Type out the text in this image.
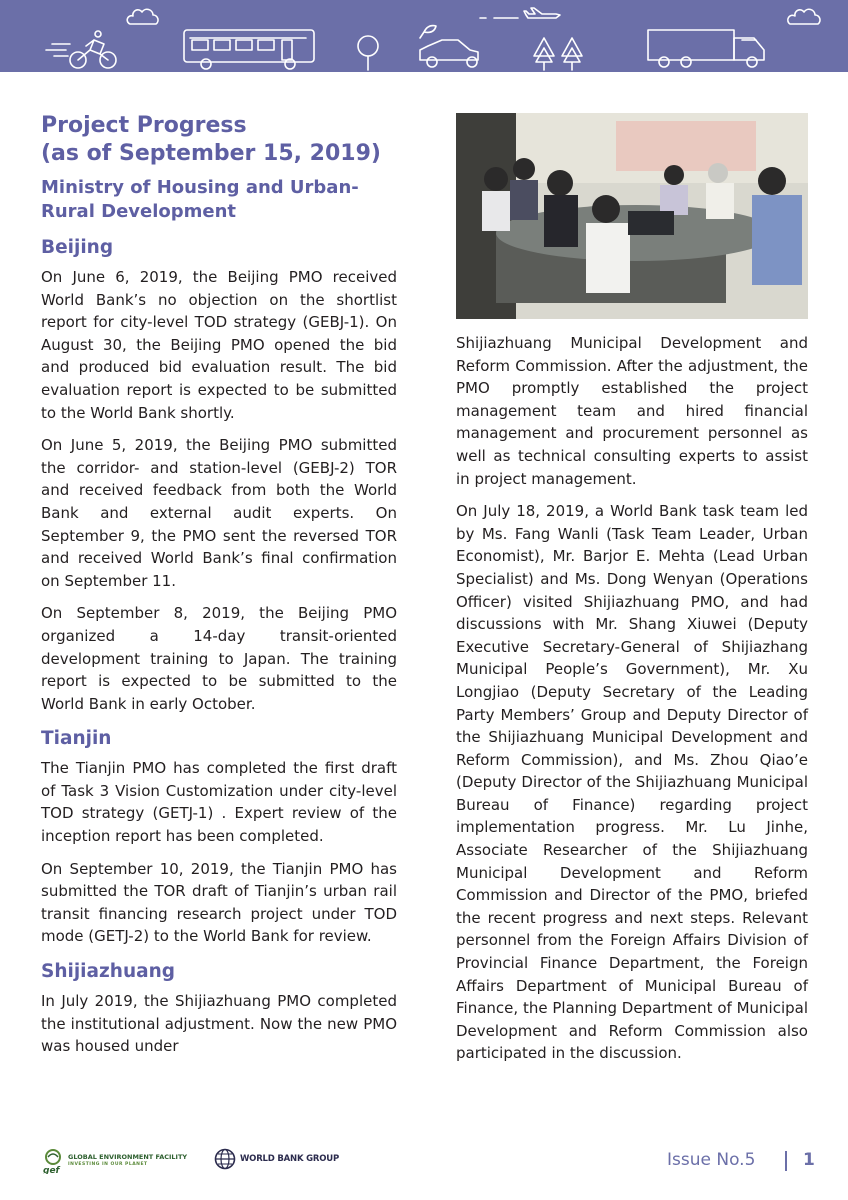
Project Progress
(as of September 15, 2019)
Ministry of Housing and Urban-
Rural Development
Beijing

On June 6, 2019, the Beijing PMO received World Bank’s no objection on the shortlist report for city-level TOD strategy (GEBJ-1). On August 30, the Beijing PMO opened the bid and produced bid evaluation result. The bid evaluation report is expected to be submitted to the World Bank shortly.

On June 5, 2019, the Beijing PMO submitted the corridor- and station-level (GEBJ-2) TOR and received feedback from both the World Bank and external audit experts. On September 9, the PMO sent the reversed TOR and received World Bank’s final confirmation on September 11.

On September 8, 2019, the Beijing PMO organized a 14-day transit-oriented development training to Japan. The training report is expected to be submitted to the World Bank in early October.

Tianjin

The Tianjin PMO has completed the first draft of Task 3 Vision Customization under city-level TOD strategy (GETJ-1) . Expert review of the inception report has been completed.

On September 10, 2019, the Tianjin PMO has submitted the TOR draft of Tianjin’s urban rail transit financing research project under TOD mode (GETJ-2) to the World Bank for review.

Shijiazhuang

In July 2019, the Shijiazhuang PMO completed the institutional adjustment. Now the new PMO was housed under

Shijiazhuang Municipal Development and Reform Commission. After the adjustment, the PMO promptly established the project management team and hired financial management and procurement personnel as well as technical consulting experts to assist in project management.

On July 18, 2019, a World Bank task team led by Ms. Fang Wanli (Task Team Leader, Urban Economist), Mr. Barjor E. Mehta (Lead Urban Specialist) and Ms. Dong Wenyan (Operations Officer) visited Shijiazhuang PMO, and had discussions with Mr. Shang Xiuwei (Deputy Executive Secretary-General of Shijiazhang Municipal People’s Government), Mr. Xu Longjiao (Deputy Secretary of the Leading Party Members’ Group and Deputy Director of the Shijiazhuang Municipal Development and Reform Commission), and Ms. Zhou Qiao’e (Deputy Director of the Shijiazhuang Municipal Bureau of Finance) regarding project implementation progress. Mr. Lu Jinhe, Associate Researcher of the Shijiazhuang Municipal Development and Reform Commission and Director of the PMO, briefed the recent progress and next steps. Relevant personnel from the Foreign Affairs Division of Provincial Finance Department, the Foreign Affairs Department of Municipal Bureau of Finance, the Planning Department of Municipal Development and Reform Commission also participated in the discussion.

gef
GLOBAL ENVIRONMENT FACILITY
INVESTING IN OUR PLANET
WORLD BANK GROUP	Issue No.5	1
